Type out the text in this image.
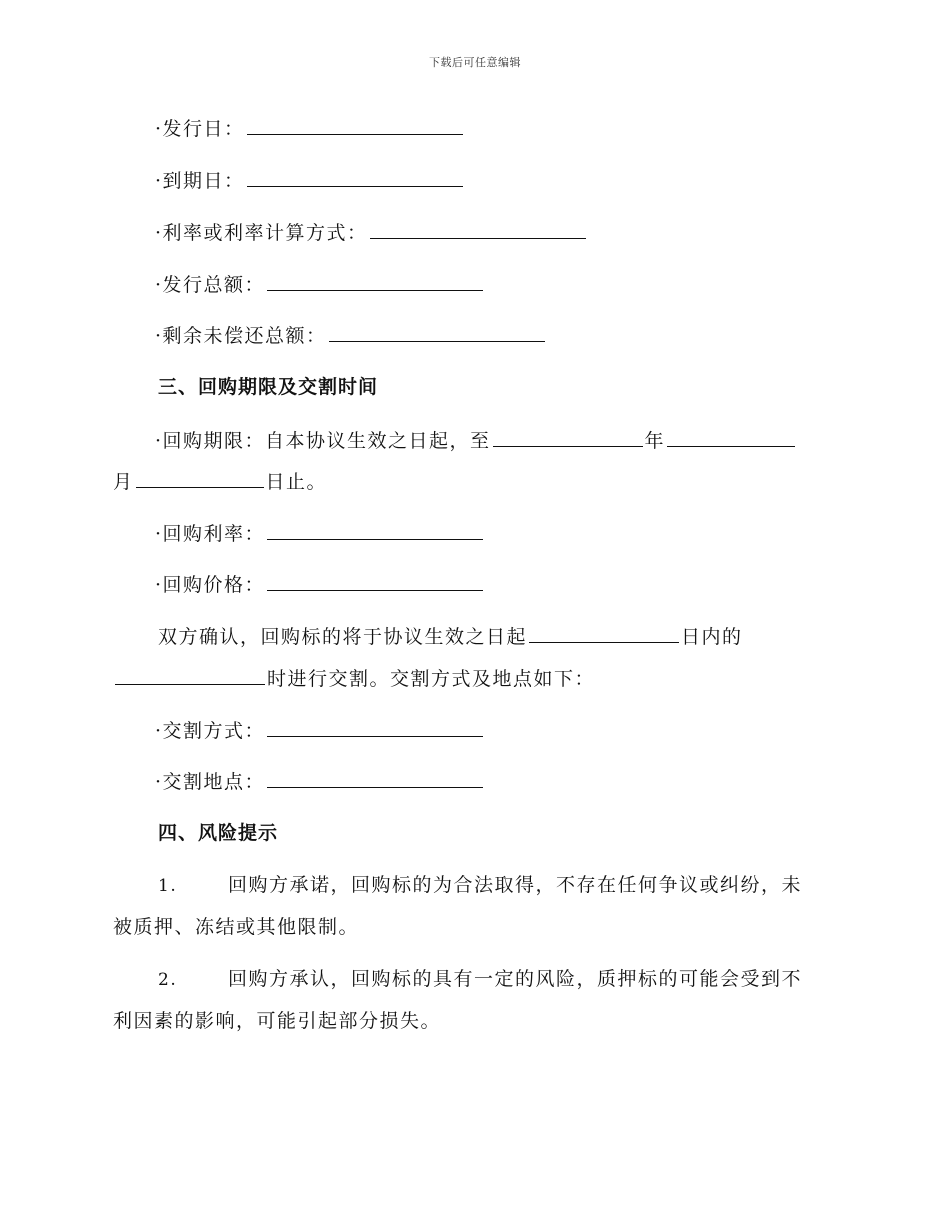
下载后可任意编辑
·发行日：
·到期日：
·利率或利率计算方式：
·发行总额：
·剩余未偿还总额：
三、回购期限及交割时间
·回购期限：自本协议生效之日起，至	年
月	日止。
·回购利率：
·回购价格：
双方确认，回购标的将于协议生效之日起	日内的
时进行交割。交割方式及地点如下：
·交割方式：
·交割地点：
四、风险提示
1.	回购方承诺，回购标的为合法取得，不存在任何争议或纠纷，未
被质押、冻结或其他限制。
2.	回购方承认，回购标的具有一定的风险，质押标的可能会受到不
利因素的影响，可能引起部分损失。
